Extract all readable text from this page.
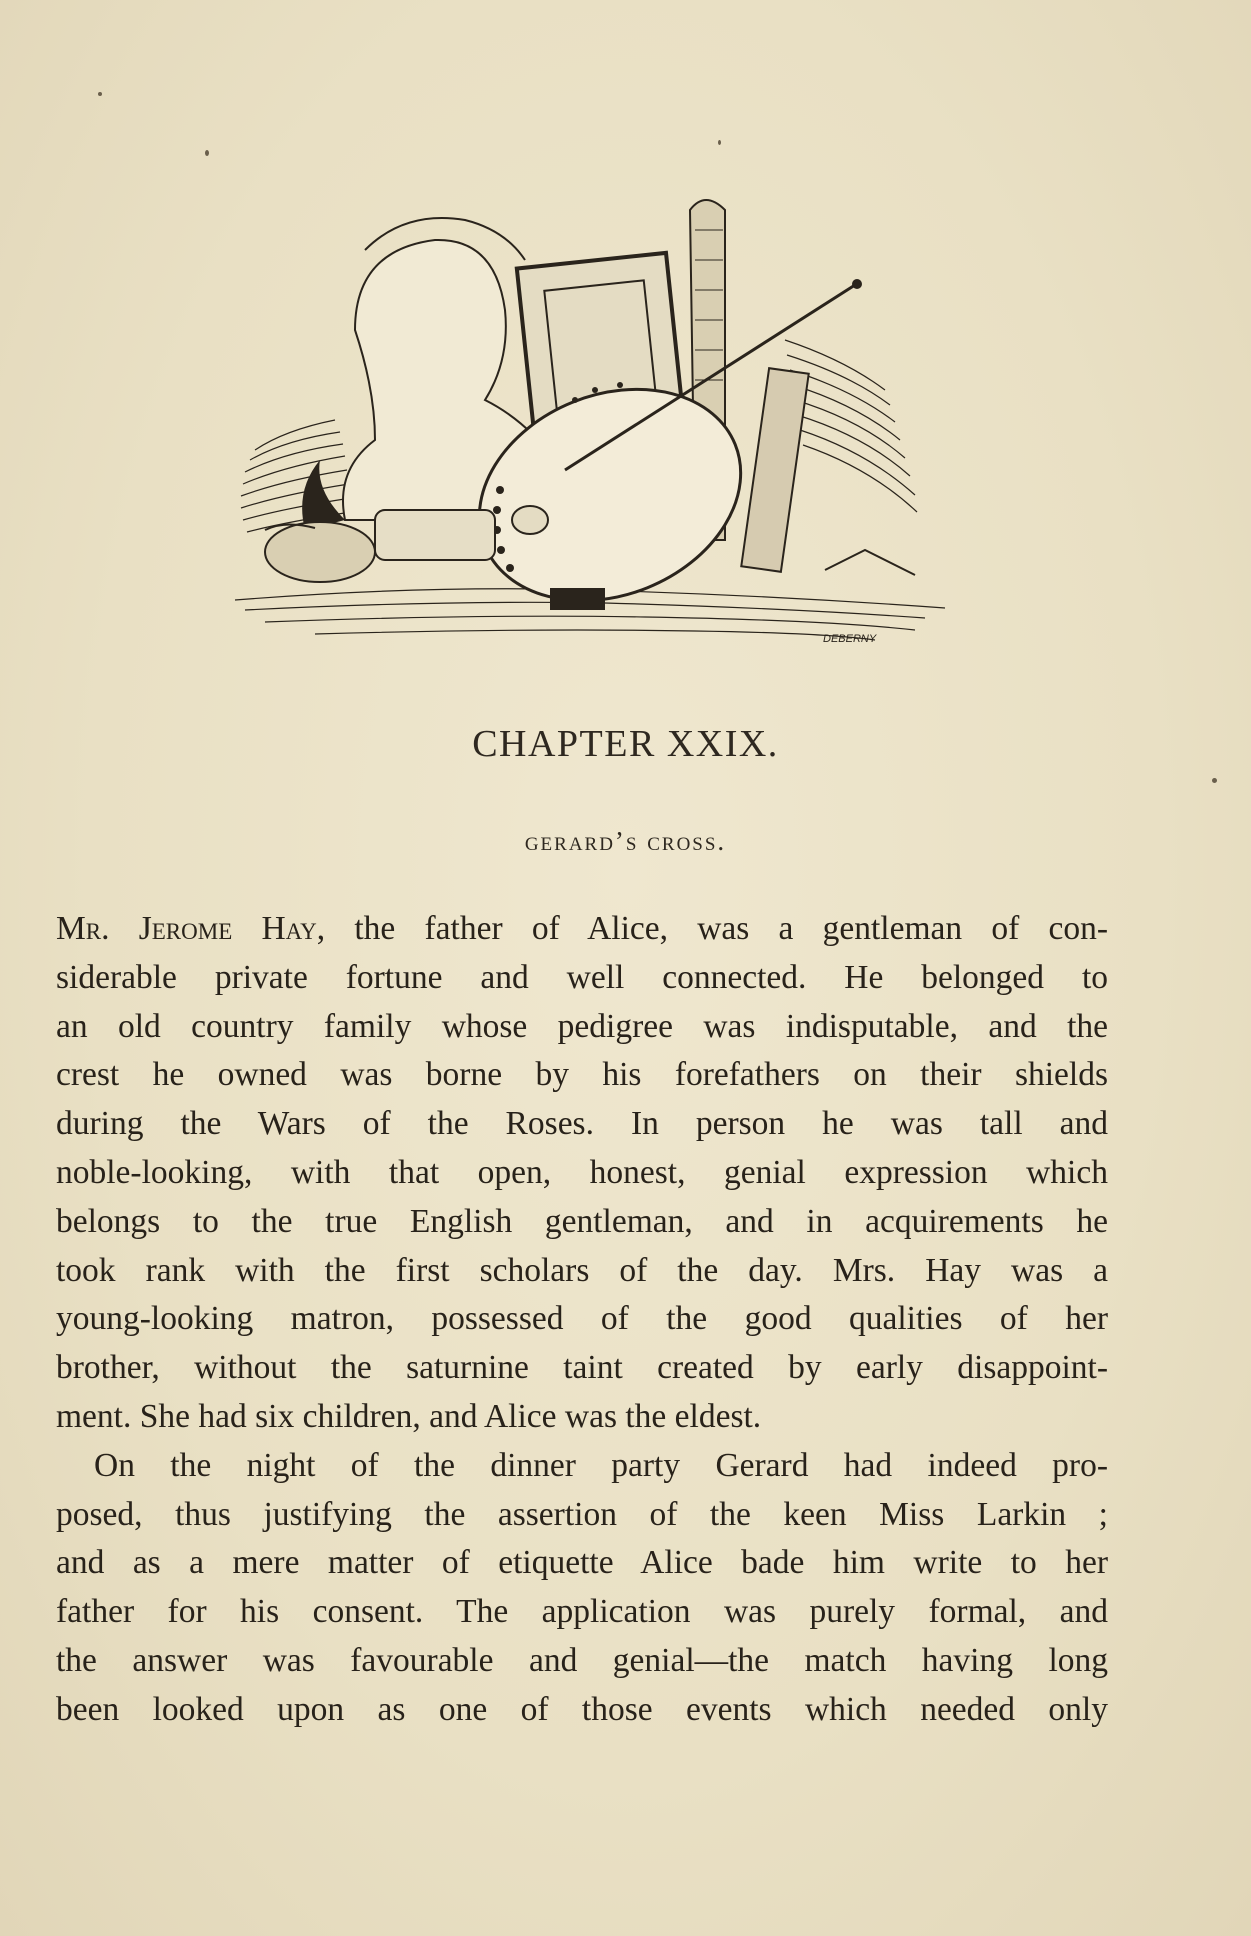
DEBERNY
CHAPTER XXIX.
gerard’s cross.
Mr. Jerome Hay, the father of Alice, was a gentleman of con-
siderable private fortune and well connected. He belonged to
an old country family whose pedigree was indisputable, and the
crest he owned was borne by his forefathers on their shields
during the Wars of the Roses. In person he was tall and
noble-looking, with that open, honest, genial expression which
belongs to the true English gentleman, and in acquirements he
took rank with the first scholars of the day. Mrs. Hay was a
young-looking matron, possessed of the good qualities of her
brother, without the saturnine taint created by early disappoint-
ment. She had six children, and Alice was the eldest.
On the night of the dinner party Gerard had indeed pro-
posed, thus justifying the assertion of the keen Miss Larkin ;
and as a mere matter of etiquette Alice bade him write to her
father for his consent. The application was purely formal, and
the answer was favourable and genial—the match having long
been looked upon as one of those events which needed only
